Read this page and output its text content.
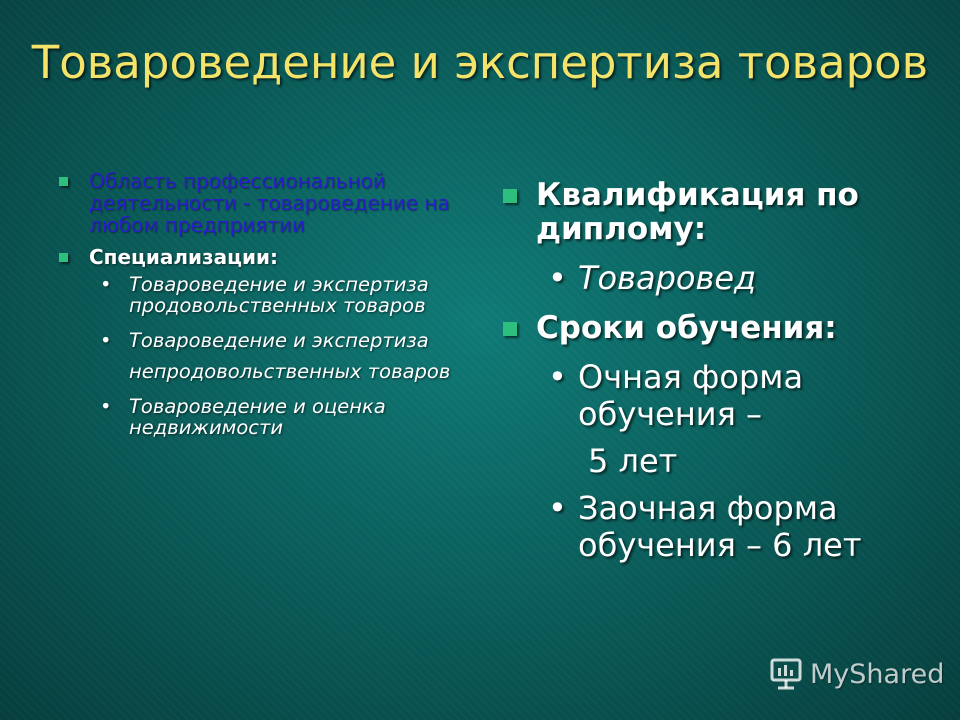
Товароведение и экспертиза товаров
Область профессиональной деятельности - товароведение на любом предприятии
Специализации:
• Товароведение и экспертиза продовольственных товаров
• Товароведение и экспертиза
непродовольственных товаров
• Товароведение и оценка недвижимости
Квалификация по диплому:
• Товаровед
Сроки обучения:
• Очная форма обучения –
5 лет
• Заочная форма обучения – 6 лет
MyShared
